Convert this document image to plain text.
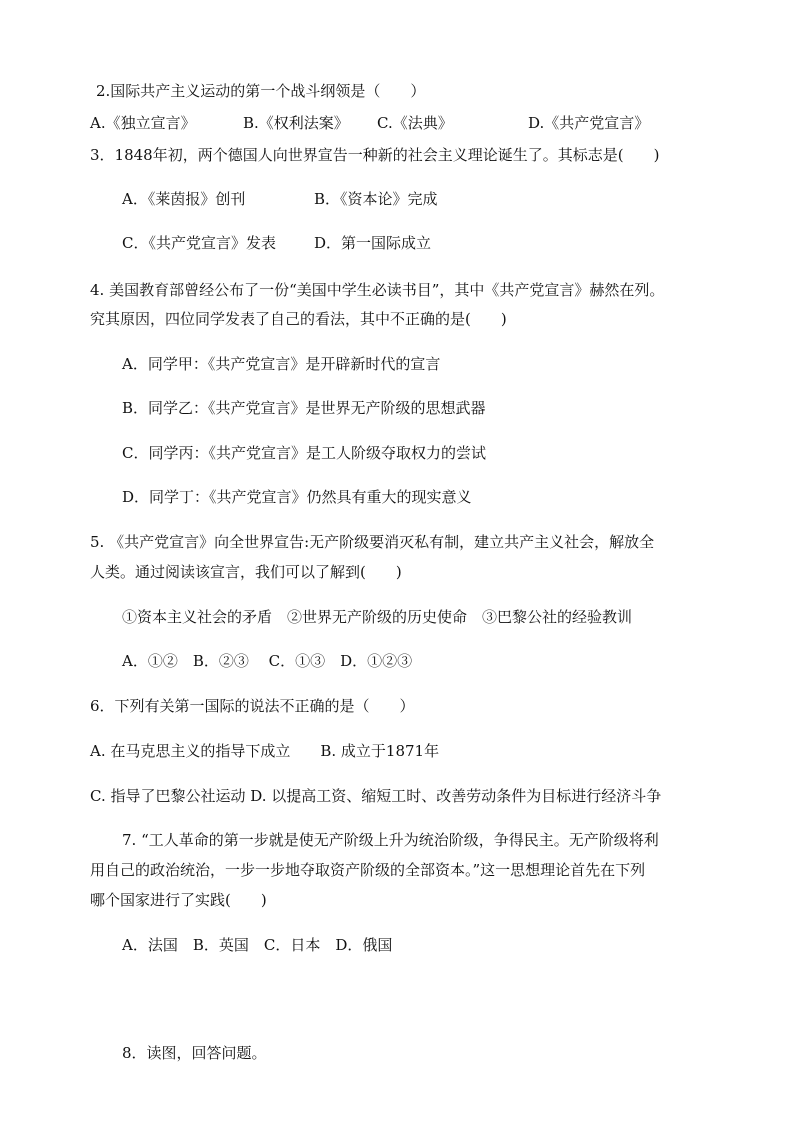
2.国际共产主义运动的第一个战斗纲领是（　　）
A.《独立宣言》	B.《权利法案》 C.《法典》	D.《共产党宣言》
3．1848年初，两个德国人向世界宣告一种新的社会主义理论诞生了。其标志是(　　)
A．《莱茵报》创刊	B．《资本论》完成
C．《共产党宣言》发表	D．第一国际成立
4. 美国教育部曾经公布了一份“美国中学生必读书目”，其中《共产党宣言》赫然在列。
究其原因，四位同学发表了自己的看法，其中不正确的是(　　)
A．同学甲：《共产党宣言》是开辟新时代的宣言
B．同学乙：《共产党宣言》是世界无产阶级的思想武器
C．同学丙：《共产党宣言》是工人阶级夺取权力的尝试
D．同学丁：《共产党宣言》仍然具有重大的现实意义
5. 《共产党宣言》向全世界宣告:无产阶级要消灭私有制，建立共产主义社会，解放全
人类。通过阅读该宣言，我们可以了解到(　　)
①资本主义社会的矛盾　②世界无产阶级的历史使命　③巴黎公社的经验教训
A．①②　B．②③　 C．①③　D．①②③
6．下列有关第一国际的说法不正确的是（　　）
A. 在马克思主义的指导下成立　　B. 成立于1871年
C. 指导了巴黎公社运动 D. 以提高工资、缩短工时、改善劳动条件为目标进行经济斗争
7. “工人革命的第一步就是使无产阶级上升为统治阶级，争得民主。无产阶级将利
用自己的政治统治，一步一步地夺取资产阶级的全部资本。”这一思想理论首先在下列
哪个国家进行了实践(　　)
A．法国　B．英国　C．日本　D．俄国
8．读图，回答问题。
